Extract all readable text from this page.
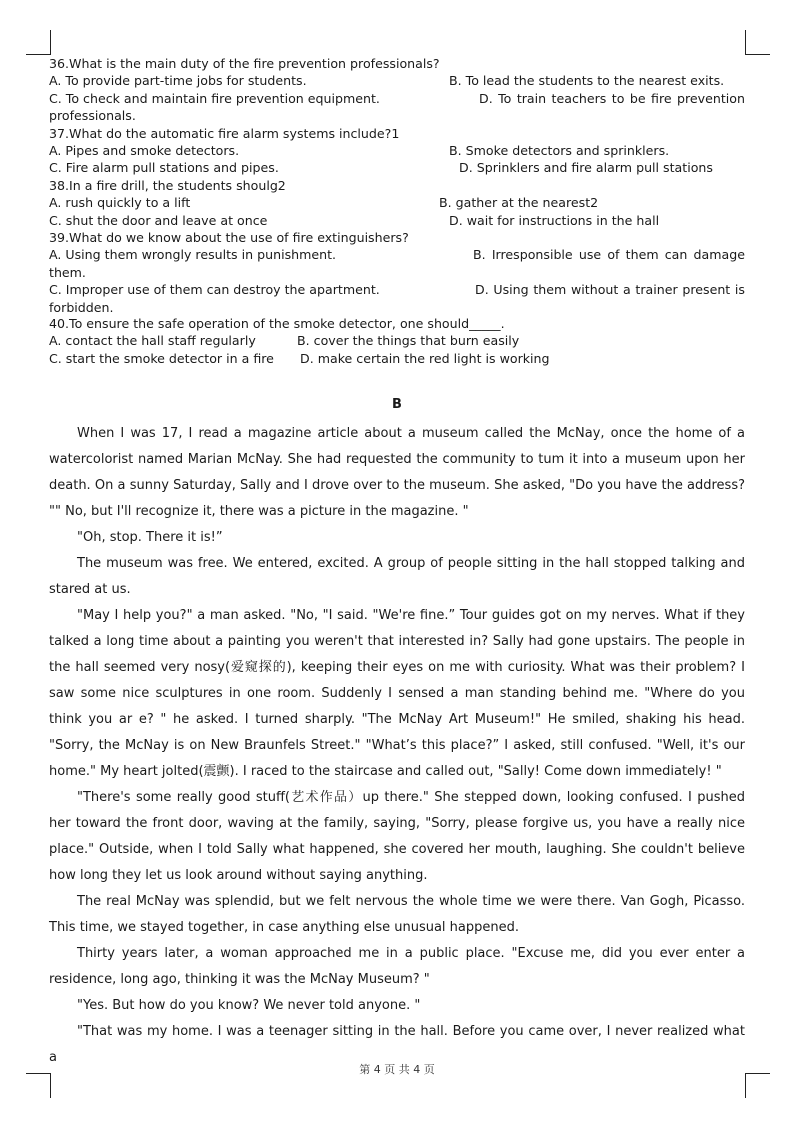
36.What is the main duty of the fire prevention professionals?
A. To provide part-time jobs for students.	B. To lead the students to the nearest exits.
C. To check and maintain fire prevention equipment.	D. To train teachers to be fire prevention professionals.
37.What do the automatic fire alarm systems include?1
A. Pipes and smoke detectors.	B. Smoke detectors and sprinklers.
C. Fire alarm pull stations and pipes.	D. Sprinklers and fire alarm pull stations
38.In a fire drill, the students shoulg2
A. rush quickly to a lift	B. gather at the nearest2
C. shut the door and leave at once	D. wait for instructions in the hall
39.What do we know about the use of fire extinguishers?
A. Using them wrongly results in punishment.	B. Irresponsible use of them can damage them.
C. Improper use of them can destroy the apartment.	D. Using them without a trainer present is forbidden.
40.To ensure the safe operation of the smoke detector, one should_____.
A. contact the hall staff regularly	B. cover the things that burn easily
C. start the smoke detector in a fire D. make certain the red light is working
B

When I was 17, I read a magazine article about a museum called the McNay, once the home of a watercolorist named Marian McNay. She had requested the community to tum it into a museum upon her death. On a sunny Saturday, Sally and I drove over to the museum. She asked, "Do you have the address? "" No, but I'll recognize it, there was a picture in the magazine. "

"Oh, stop. There it is!”

The museum was free. We entered, excited. A group of people sitting in the hall stopped talking and stared at us.

"May I help you?" a man asked. "No, "I said. "We're fine.” Tour guides got on my nerves. What if they talked a long time about a painting you weren't that interested in? Sally had gone upstairs. The people in the hall seemed very nosy(爱窥探的), keeping their eyes on me with curiosity. What was their problem? I saw some nice sculptures in one room. Suddenly I sensed a man standing behind me. "Where do you think you ar e? " he asked. I turned sharply. "The McNay Art Museum!" He smiled, shaking his head. "Sorry, the McNay is on New Braunfels Street." "What’s this place?” I asked, still confused. "Well, it's our home." My heart jolted(震颤). I raced to the staircase and called out, "Sally! Come down immediately! "

"There's some really good stuff(艺术作品）up there." She stepped down, looking confused. I pushed her toward the front door, waving at the family, saying, "Sorry, please forgive us, you have a really nice place." Outside, when I told Sally what happened, she covered her mouth, laughing. She couldn't believe how long they let us look around without saying anything.

The real McNay was splendid, but we felt nervous the whole time we were there. Van Gogh, Picasso. This time, we stayed together, in case anything else unusual happened.

Thirty years later, a woman approached me in a public place. "Excuse me, did you ever enter a residence, long ago, thinking it was the McNay Museum? "

"Yes. But how do you know? We never told anyone. "

"That was my home. I was a teenager sitting in the hall. Before you came over, I never realized what a

第 4 页 共 4 页
